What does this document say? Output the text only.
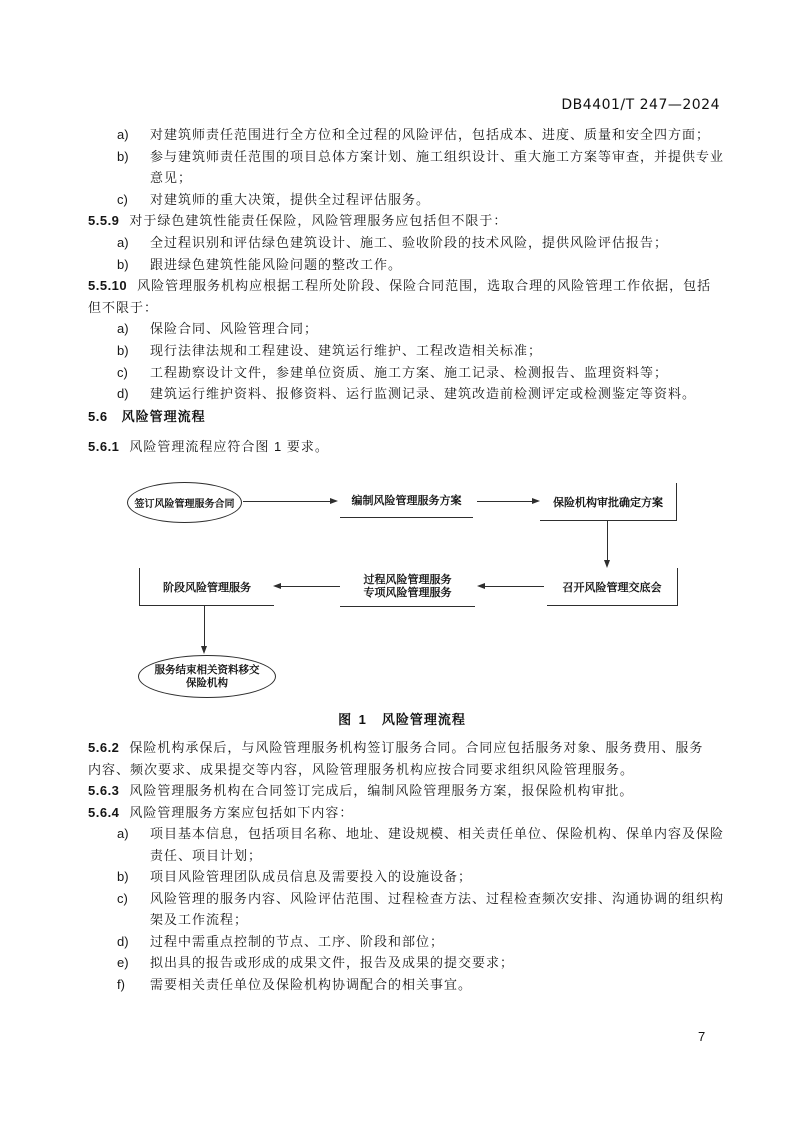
DB4401/T 247—2024
a) 对建筑师责任范围进行全方位和全过程的风险评估，包括成本、进度、质量和安全四方面；
b) 参与建筑师责任范围的项目总体方案计划、施工组织设计、重大施工方案等审查，并提供专业
意见；
c) 对建筑师的重大决策，提供全过程评估服务。
5.5.9 对于绿色建筑性能责任保险，风险管理服务应包括但不限于：
a) 全过程识别和评估绿色建筑设计、施工、验收阶段的技术风险，提供风险评估报告；
b) 跟进绿色建筑性能风险问题的整改工作。
5.5.10 风险管理服务机构应根据工程所处阶段、保险合同范围，选取合理的风险管理工作依据，包括
但不限于：
a) 保险合同、风险管理合同；
b) 现行法律法规和工程建设、建筑运行维护、工程改造相关标准；
c) 工程勘察设计文件，参建单位资质、施工方案、施工记录、检测报告、监理资料等；
d) 建筑运行维护资料、报修资料、运行监测记录、建筑改造前检测评定或检测鉴定等资料。
5.6 风险管理流程
5.6.1 风险管理流程应符合图 1 要求。
签订风险管理服务合同	编制风险管理服务方案	保险机构审批确定方案
召开风险管理交底会
过程风险管理服务
专项风险管理服务
阶段风险管理服务
服务结束相关资料移交
保险机构
图 1 风险管理流程
5.6.2 保险机构承保后，与风险管理服务机构签订服务合同。合同应包括服务对象、服务费用、服务
内容、频次要求、成果提交等内容，风险管理服务机构应按合同要求组织风险管理服务。
5.6.3 风险管理服务机构在合同签订完成后，编制风险管理服务方案，报保险机构审批。
5.6.4 风险管理服务方案应包括如下内容：
a) 项目基本信息，包括项目名称、地址、建设规模、相关责任单位、保险机构、保单内容及保险
责任、项目计划；
b) 项目风险管理团队成员信息及需要投入的设施设备；
c) 风险管理的服务内容、风险评估范围、过程检查方法、过程检查频次安排、沟通协调的组织构
架及工作流程；
d) 过程中需重点控制的节点、工序、阶段和部位；
e) 拟出具的报告或形成的成果文件，报告及成果的提交要求；
f) 需要相关责任单位及保险机构协调配合的相关事宜。
7
